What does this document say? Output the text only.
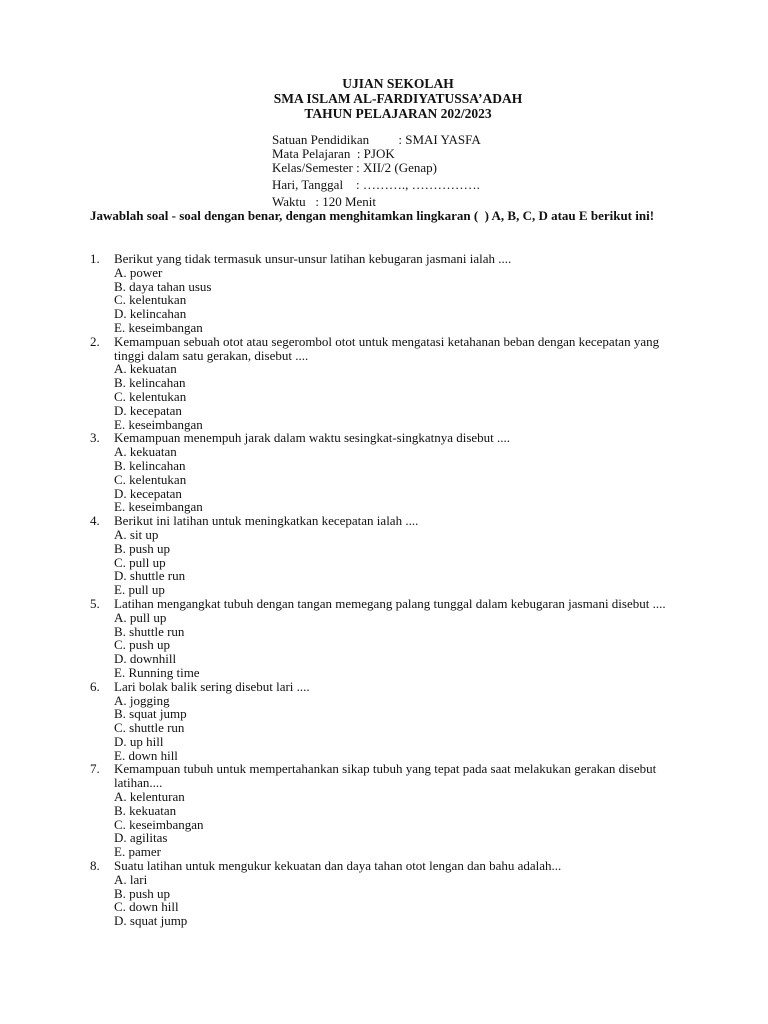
UJIAN SEKOLAH
SMA ISLAM AL-FARDIYATUSSA’ADAH
TAHUN PELAJARAN 202/2023
Satuan Pendidikan         : SMAI YASFA
Mata Pelajaran  : PJOK
Kelas/Semester : XII/2 (Genap)
Hari, Tanggal    : ………., …………….
Waktu   : 120 Menit
Jawablah soal - soal dengan benar, dengan menghitamkan lingkaran (  ) A, B, C, D atau E berikut ini!
1.	Berikut yang tidak termasuk unsur-unsur latihan kebugaran jasmani ialah ....
A. power
B. daya tahan usus
C. kelentukan
D. kelincahan
E. keseimbangan
2.	Kemampuan sebuah otot atau segerombol otot untuk mengatasi ketahanan beban dengan kecepatan yang tinggi dalam satu gerakan, disebut ....
A. kekuatan
B. kelincahan
C. kelentukan
D. kecepatan
E. keseimbangan
3.	Kemampuan menempuh jarak dalam waktu sesingkat-singkatnya disebut ....
A. kekuatan
B. kelincahan
C. kelentukan
D. kecepatan
E. keseimbangan
4.	Berikut ini latihan untuk meningkatkan kecepatan ialah ....
A. sit up
B. push up
C. pull up
D. shuttle run
E. pull up
5.	Latihan mengangkat tubuh dengan tangan memegang palang tunggal dalam kebugaran jasmani disebut ....
A. pull up
B. shuttle run
C. push up
D. downhill
E. Running time
6.	Lari bolak balik sering disebut lari ....
A. jogging
B. squat jump
C. shuttle run
D. up hill
E. down hill
7.	Kemampuan tubuh untuk mempertahankan sikap tubuh yang tepat pada saat melakukan gerakan disebut latihan....
A. kelenturan
B. kekuatan
C. keseimbangan
D. agilitas
E. pamer
8.	Suatu latihan untuk mengukur kekuatan dan daya tahan otot lengan dan bahu adalah...
A. lari
B. push up
C. down hill
D. squat jump
